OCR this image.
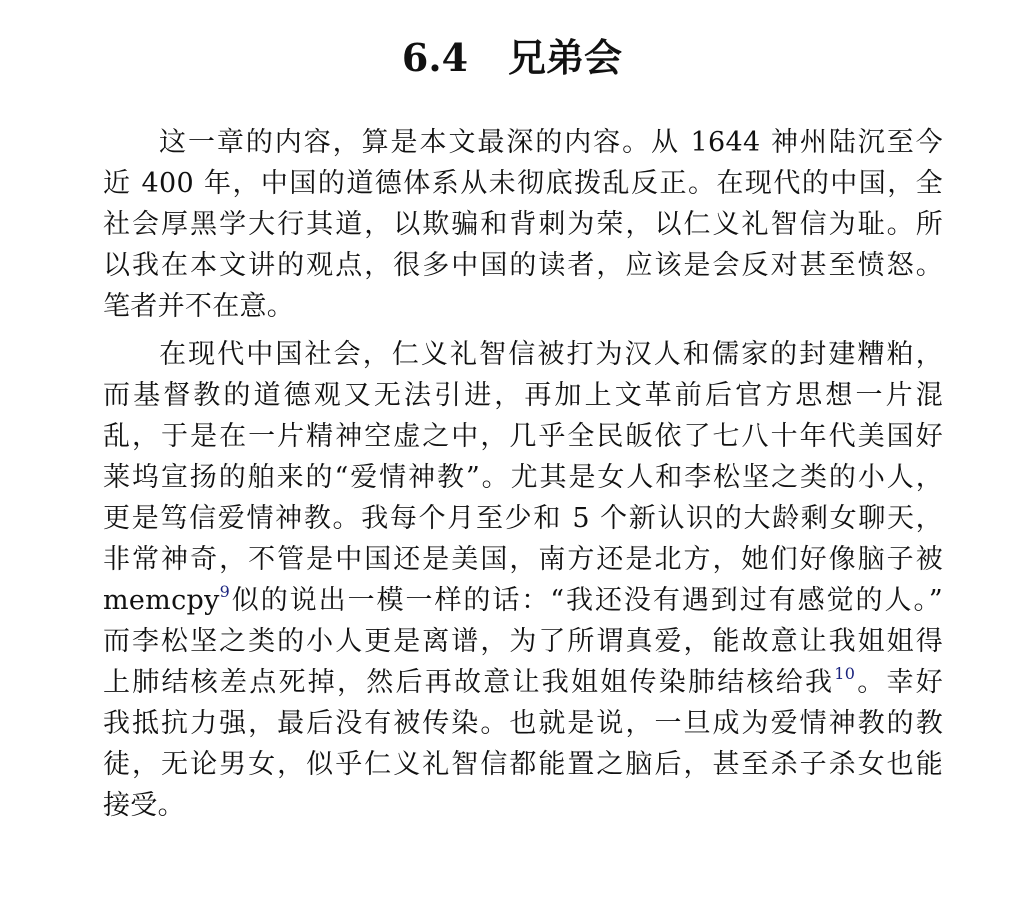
6.4 兄弟会
这一章的内容，算是本文最深的内容。从 1644 神州陆沉至今
近 400 年，中国的道德体系从未彻底拨乱反正。在现代的中国，全
社会厚黑学大行其道，以欺骗和背刺为荣，以仁义礼智信为耻。所
以我在本文讲的观点，很多中国的读者，应该是会反对甚至愤怒。
笔者并不在意。
在现代中国社会，仁义礼智信被打为汉人和儒家的封建糟粕，
而基督教的道德观又无法引进，再加上文革前后官方思想一片混
乱，于是在一片精神空虚之中，几乎全民皈依了七八十年代美国好
莱坞宣扬的舶来的“爱情神教”。尤其是女人和李松坚之类的小人，
更是笃信爱情神教。我每个月至少和 5 个新认识的大龄剩女聊天，
非常神奇，不管是中国还是美国，南方还是北方，她们好像脑子被
memcpy$^9$似的说出一模一样的话：“我还没有遇到过有感觉的人。”
而李松坚之类的小人更是离谱，为了所谓真爱，能故意让我姐姐得
上肺结核差点死掉，然后再故意让我姐姐传染肺结核给我$^{10}$。幸好
我抵抗力强，最后没有被传染。也就是说，一旦成为爱情神教的教
徒，无论男女，似乎仁义礼智信都能置之脑后，甚至杀子杀女也能
接受。
